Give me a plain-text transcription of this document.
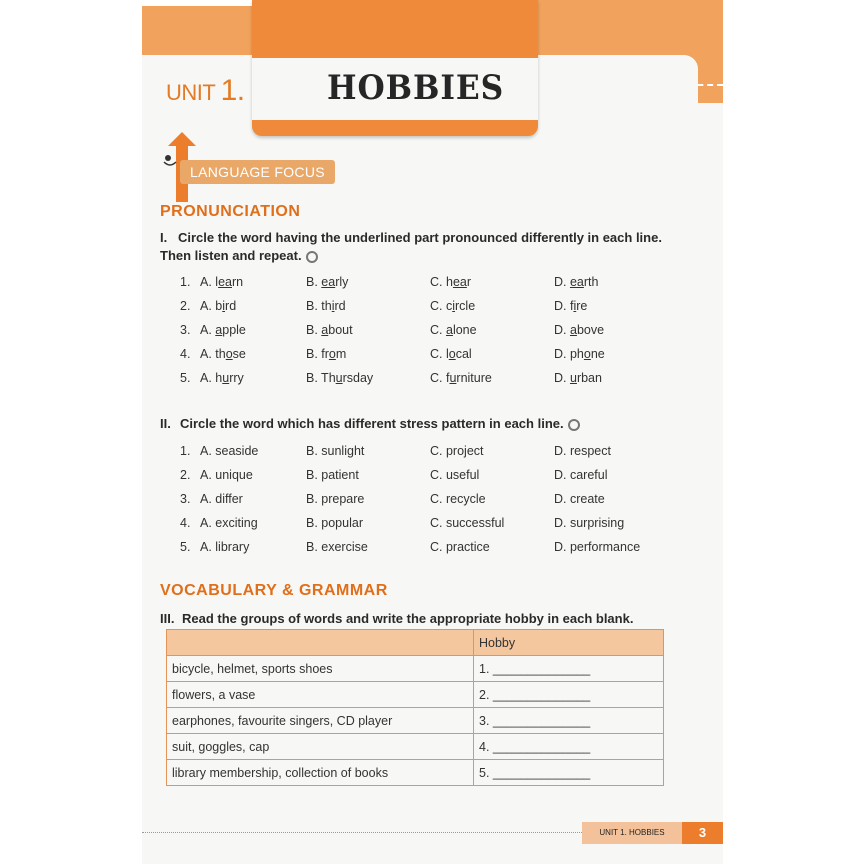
UNIT 1. HOBBIES
LANGUAGE FOCUS
PRONUNCIATION
I. Circle the word having the underlined part pronounced differently in each line. Then listen and repeat.
1. A. learn	B. early	C. hear	D. earth
2. A. bird	B. third	C. circle	D. fire
3. A. apple	B. about	C. alone	D. above
4. A. those	B. from	C. local	D. phone
5. A. hurry	B. Thursday	C. furniture	D. urban
II. Circle the word which has different stress pattern in each line.
1. A. seaside	B. sunlight	C. project	D. respect
2. A. unique	B. patient	C. useful	D. careful
3. A. differ	B. prepare	C. recycle	D. create
4. A. exciting	B. popular	C. successful	D. surprising
5. A. library	B. exercise	C. practice	D. performance
VOCABULARY & GRAMMAR
III. Read the groups of words and write the appropriate hobby in each blank.
	Hobby
bicycle, helmet, sports shoes	1. ______________
flowers, a vase	2. ______________
earphones, favourite singers, CD player	3. ______________
suit, goggles, cap	4. ______________
library membership, collection of books	5. ______________
UNIT 1. HOBBIES	3
